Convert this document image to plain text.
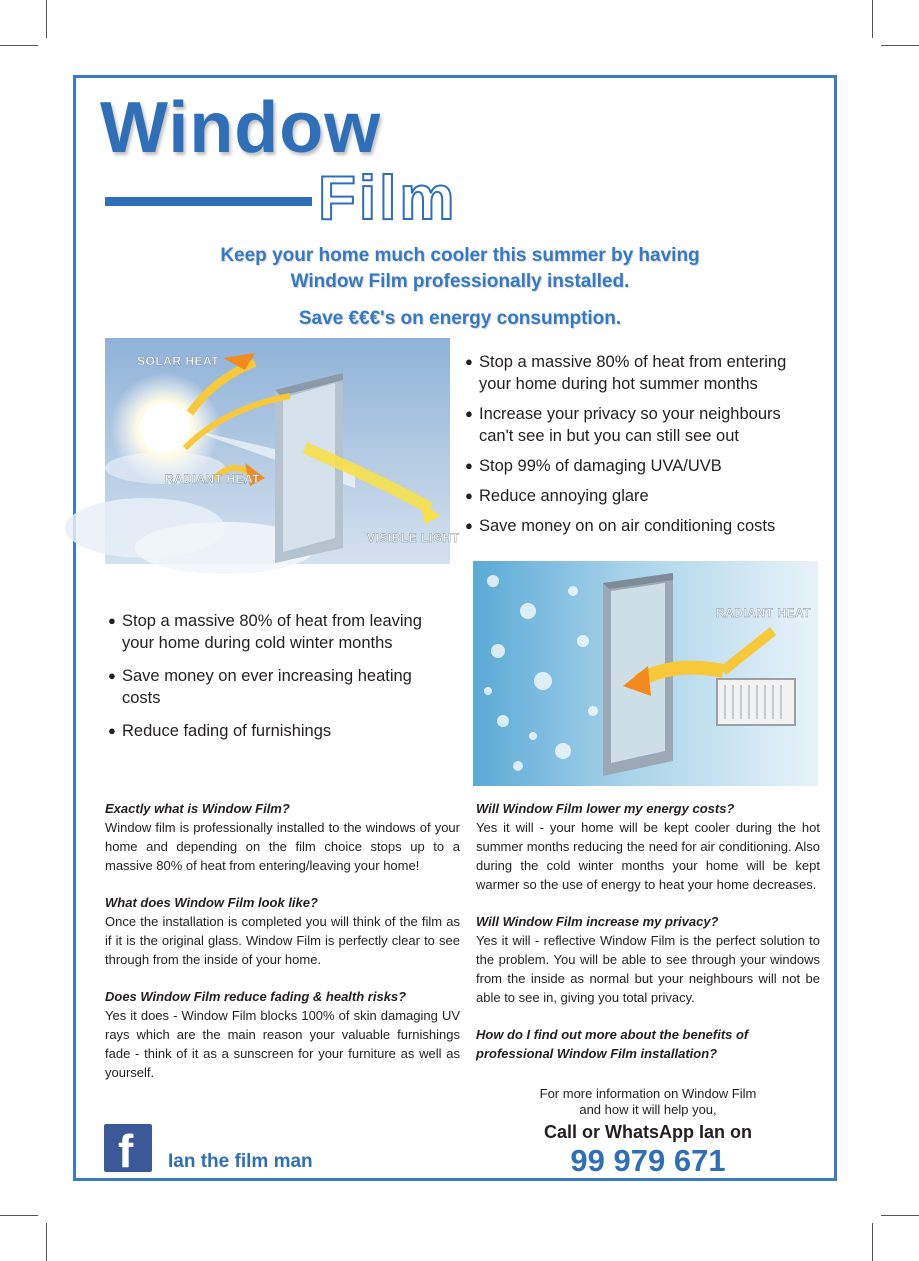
Window
Film
Keep your home much cooler this summer by having
Window Film professionally installed.
Save €€€'s on energy consumption.
SOLAR HEAT
RADIANT HEAT
VISIBLE LIGHT
● Stop a massive 80% of heat from entering your home during hot summer months
● Increase your privacy so your neighbours can't see in but you can still see out
● Stop 99% of damaging UVA/UVB
● Reduce annoying glare
● Save money on on air conditioning costs
RADIANT HEAT
● Stop a massive 80% of heat from leaving your home during cold winter months
● Save money on ever increasing heating costs
● Reduce fading of furnishings

Exactly what is Window Film?

Window film is professionally installed to the windows of your home and depending on the film choice stops up to a massive 80% of heat from entering/leaving your home!

What does Window Film look like?

Once the installation is completed you will think of the film as if it is the original glass. Window Film is perfectly clear to see through from the inside of your home.

Does Window Film reduce fading & health risks?

Yes it does - Window Film blocks 100% of skin damaging UV rays which are the main reason your valuable furnishings fade - think of it as a sunscreen for your furniture as well as yourself.

Will Window Film lower my energy costs?

Yes it will - your home will be kept cooler during the hot summer months reducing the need for air conditioning. Also during the cold winter months your home will be kept warmer so the use of energy to heat your home decreases.

Will Window Film increase my privacy?

Yes it will - reflective Window Film is the perfect solution to the problem. You will be able to see through your windows from the inside as normal but your neighbours will not be able to see in, giving you total privacy.

How do I find out more about the benefits of professional Window Film installation?

For more information on Window Film
and how it will help you,
Call or WhatsApp Ian on
99 979 671
f Ian the film man
